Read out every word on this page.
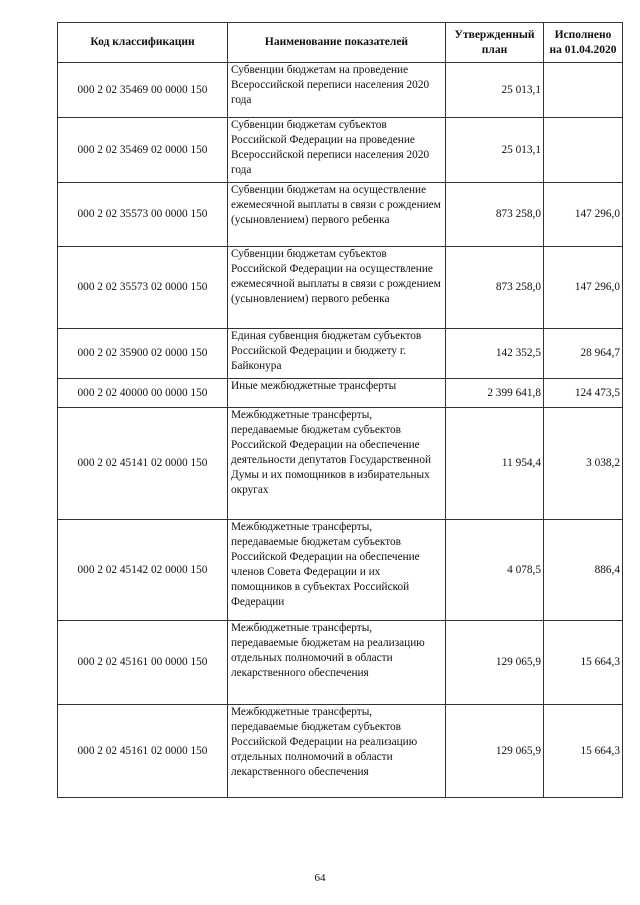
Код классификации	Наименование показателей	Утвержденный план	Исполнено на 01.04.2020
000 2 02 35469 00 0000 150	Субвенции бюджетам на проведение Всероссийской переписи населения 2020 года	25 013,1	
000 2 02 35469 02 0000 150	Субвенции бюджетам субъектов Российской Федерации на проведение Всероссийской переписи населения 2020 года	25 013,1	
000 2 02 35573 00 0000 150	Субвенции бюджетам на осуществление ежемесячной выплаты в связи с рождением (усыновлением) первого ребенка	873 258,0	147 296,0
000 2 02 35573 02 0000 150	Субвенции бюджетам субъектов Российской Федерации на осуществление ежемесячной выплаты в связи с рождением (усыновлением) первого ребенка	873 258,0	147 296,0
000 2 02 35900 02 0000 150	Единая субвенция бюджетам субъектов Российской Федерации и бюджету г. Байконура	142 352,5	28 964,7
000 2 02 40000 00 0000 150	Иные межбюджетные трансферты	2 399 641,8	124 473,5
000 2 02 45141 02 0000 150	Межбюджетные трансферты, передаваемые бюджетам субъектов Российской Федерации на обеспечение деятельности депутатов Государственной Думы и их помощников в избирательных округах	11 954,4	3 038,2
000 2 02 45142 02 0000 150	Межбюджетные трансферты, передаваемые бюджетам субъектов Российской Федерации на обеспечение членов Совета Федерации и их помощников в субъектах Российской Федерации	4 078,5	886,4
000 2 02 45161 00 0000 150	Межбюджетные трансферты, передаваемые бюджетам на реализацию отдельных полномочий в области лекарственного обеспечения	129 065,9	15 664,3
000 2 02 45161 02 0000 150	Межбюджетные трансферты, передаваемые бюджетам субъектов Российской Федерации на реализацию отдельных полномочий в области лекарственного обеспечения	129 065,9	15 664,3
64
